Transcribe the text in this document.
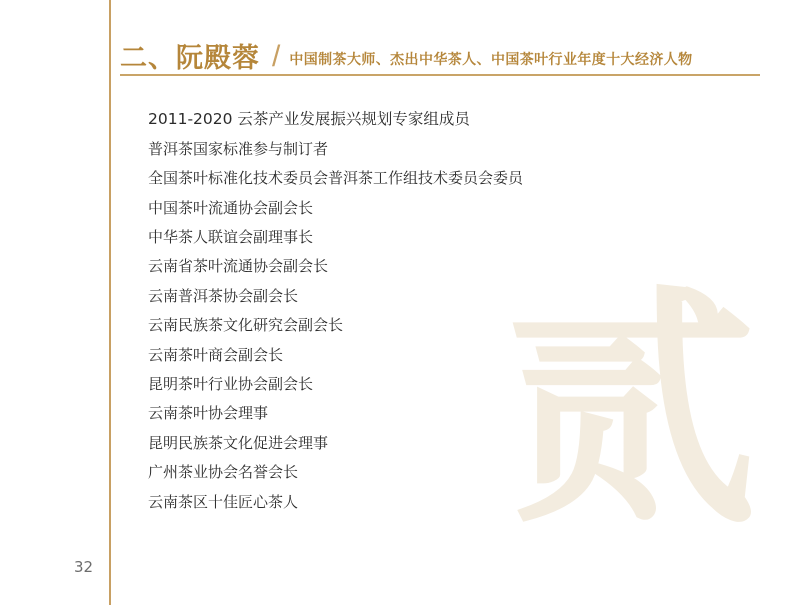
贰
二、阮殿蓉 / 中国制茶大师、杰出中华茶人、中国茶叶行业年度十大经济人物
2011-2020 云茶产业发展振兴规划专家组成员
普洱茶国家标准参与制订者
全国茶叶标准化技术委员会普洱茶工作组技术委员会委员
中国茶叶流通协会副会长
中华茶人联谊会副理事长
云南省茶叶流通协会副会长
云南普洱茶协会副会长
云南民族茶文化研究会副会长
云南茶叶商会副会长
昆明茶叶行业协会副会长
云南茶叶协会理事
昆明民族茶文化促进会理事
广州茶业协会名誉会长
云南茶区十佳匠心茶人
32
